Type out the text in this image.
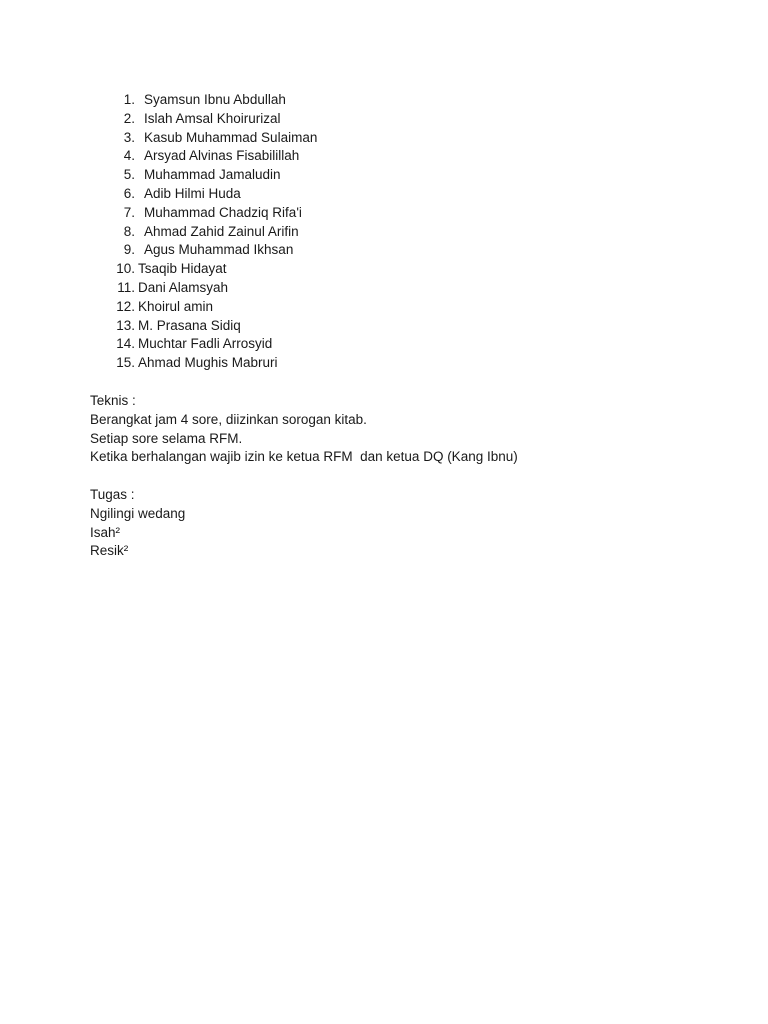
1. Syamsun Ibnu Abdullah
2. Islah Amsal Khoirurizal
3. Kasub Muhammad Sulaiman
4. Arsyad Alvinas Fisabilillah
5. Muhammad Jamaludin
6. Adib Hilmi Huda
7. Muhammad Chadziq Rifa'i
8. Ahmad Zahid Zainul Arifin
9. Agus Muhammad Ikhsan
10. Tsaqib Hidayat
11. Dani Alamsyah
12. Khoirul amin
13. M. Prasana Sidiq
14. Muchtar Fadli Arrosyid
15. Ahmad Mughis Mabruri
Teknis :
Berangkat jam 4 sore, diizinkan sorogan kitab.
Setiap sore selama RFM.
Ketika berhalangan wajib izin ke ketua RFM  dan ketua DQ (Kang Ibnu)
Tugas :
Ngilingi wedang
Isah²
Resik²
